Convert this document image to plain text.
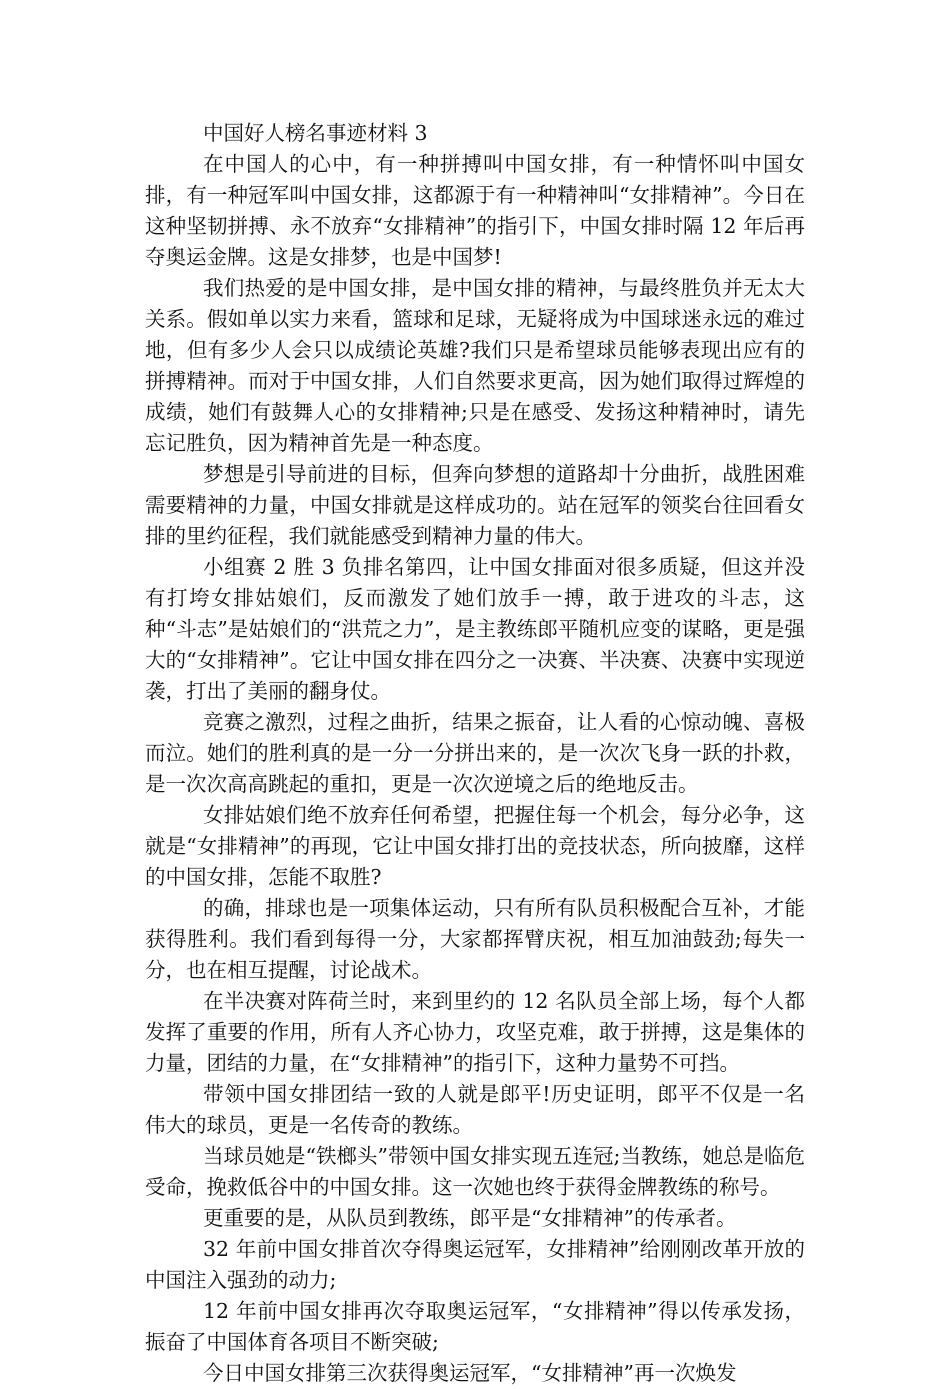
中国好人榜名事迹材料 3

在中国人的心中，有一种拼搏叫中国女排，有一种情怀叫中国女排，有一种冠军叫中国女排，这都源于有一种精神叫“女排精神”。今日在这种坚韧拼搏、永不放弃“女排精神”的指引下，中国女排时隔 12 年后再夺奥运金牌。这是女排梦，也是中国梦!

我们热爱的是中国女排，是中国女排的精神，与最终胜负并无太大关系。假如单以实力来看，篮球和足球，无疑将成为中国球迷永远的难过地，但有多少人会只以成绩论英雄?我们只是希望球员能够表现出应有的拼搏精神。而对于中国女排，人们自然要求更高，因为她们取得过辉煌的成绩，她们有鼓舞人心的女排精神;只是在感受、发扬这种精神时，请先忘记胜负，因为精神首先是一种态度。

梦想是引导前进的目标，但奔向梦想的道路却十分曲折，战胜困难需要精神的力量，中国女排就是这样成功的。站在冠军的领奖台往回看女排的里约征程，我们就能感受到精神力量的伟大。

小组赛 2 胜 3 负排名第四，让中国女排面对很多质疑，但这并没有打垮女排姑娘们，反而激发了她们放手一搏，敢于进攻的斗志，这种“斗志”是姑娘们的“洪荒之力”，是主教练郎平随机应变的谋略，更是强大的“女排精神”。它让中国女排在四分之一决赛、半决赛、决赛中实现逆袭，打出了美丽的翻身仗。

竞赛之激烈，过程之曲折，结果之振奋，让人看的心惊动魄、喜极而泣。她们的胜利真的是一分一分拼出来的，是一次次飞身一跃的扑救，是一次次高高跳起的重扣，更是一次次逆境之后的绝地反击。

女排姑娘们绝不放弃任何希望，把握住每一个机会，每分必争，这就是“女排精神”的再现，它让中国女排打出的竞技状态，所向披靡，这样的中国女排，怎能不取胜?

的确，排球也是一项集体运动，只有所有队员积极配合互补，才能获得胜利。我们看到每得一分，大家都挥臂庆祝，相互加油鼓劲;每失一分，也在相互提醒，讨论战术。

在半决赛对阵荷兰时，来到里约的 12 名队员全部上场，每个人都发挥了重要的作用，所有人齐心协力，攻坚克难，敢于拼搏，这是集体的力量，团结的力量，在“女排精神”的指引下，这种力量势不可挡。

带领中国女排团结一致的人就是郎平!历史证明，郎平不仅是一名伟大的球员，更是一名传奇的教练。

当球员她是“铁榔头”带领中国女排实现五连冠;当教练，她总是临危受命，挽救低谷中的中国女排。这一次她也终于获得金牌教练的称号。

更重要的是，从队员到教练，郎平是“女排精神”的传承者。

32 年前中国女排首次夺得奥运冠军，女排精神”给刚刚改革开放的中国注入强劲的动力;

12 年前中国女排再次夺取奥运冠军，“女排精神”得以传承发扬，振奋了中国体育各项目不断突破;

今日中国女排第三次获得奥运冠军，“女排精神”再一次焕发
